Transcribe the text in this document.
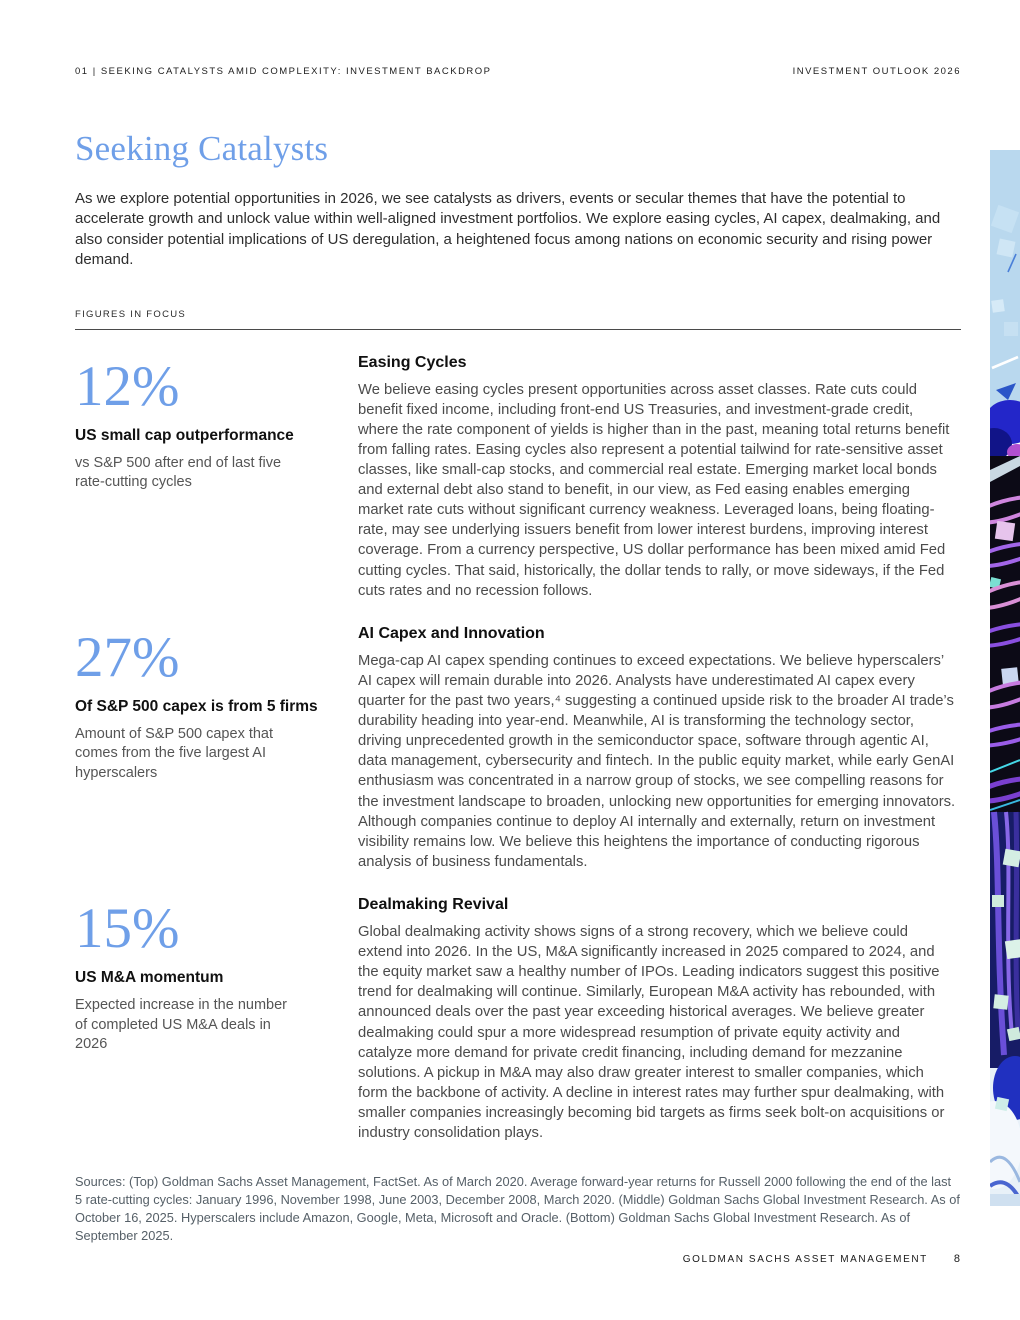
01 | SEEKING CATALYSTS AMID COMPLEXITY: INVESTMENT BACKDROP	INVESTMENT OUTLOOK 2026
Seeking Catalysts
As we explore potential opportunities in 2026, we see catalysts as drivers, events or secular themes that have the potential to accelerate growth and unlock value within well-aligned investment portfolios. We explore easing cycles, AI capex, dealmaking, and also consider potential implications of US deregulation, a heightened focus among nations on economic security and rising power demand.
FIGURES IN FOCUS
12%
US small cap outperformance
vs S&P 500 after end of last five rate-cutting cycles
Easing Cycles

We believe easing cycles present opportunities across asset classes. Rate cuts could benefit fixed income, including front-end US Treasuries, and investment-grade credit, where the rate component of yields is higher than in the past, meaning total returns benefit from falling rates. Easing cycles also represent a potential tailwind for rate-sensitive asset classes, like small-cap stocks, and commercial real estate. Emerging market local bonds and external debt also stand to benefit, in our view, as Fed easing enables emerging market rate cuts without significant currency weakness. Leveraged loans, being floating-rate, may see underlying issuers benefit from lower interest burdens, improving interest coverage. From a currency perspective, US dollar performance has been mixed amid Fed cutting cycles. That said, historically, the dollar tends to rally, or move sideways, if the Fed cuts rates and no recession follows.

27%
Of S&P 500 capex is from 5 firms
Amount of S&P 500 capex that comes from the five largest AI hyperscalers
AI Capex and Innovation

Mega-cap AI capex spending continues to exceed expectations. We believe hyperscalers’ AI capex will remain durable into 2026. Analysts have underestimated AI capex every quarter for the past two years,⁴ suggesting a continued upside risk to the broader AI trade’s durability heading into year-end. Meanwhile, AI is transforming the technology sector, driving unprecedented growth in the semiconductor space, software through agentic AI, data management, cybersecurity and fintech. In the public equity market, while early GenAI enthusiasm was concentrated in a narrow group of stocks, we see compelling reasons for the investment landscape to broaden, unlocking new opportunities for emerging innovators. Although companies continue to deploy AI internally and externally, return on investment visibility remains low. We believe this heightens the importance of conducting rigorous analysis of business fundamentals.

15%
US M&A momentum
Expected increase in the number of completed US M&A deals in 2026
Dealmaking Revival

Global dealmaking activity shows signs of a strong recovery, which we believe could extend into 2026. In the US, M&A significantly increased in 2025 compared to 2024, and the equity market saw a healthy number of IPOs. Leading indicators suggest this positive trend for dealmaking will continue. Similarly, European M&A activity has rebounded, with announced deals over the past year exceeding historical averages. We believe greater dealmaking could spur a more widespread resumption of private equity activity and catalyze more demand for private credit financing, including demand for mezzanine solutions. A pickup in M&A may also draw greater interest to smaller companies, which form the backbone of activity. A decline in interest rates may further spur dealmaking, with smaller companies increasingly becoming bid targets as firms seek bolt-on acquisitions or industry consolidation plays.

Sources: (Top) Goldman Sachs Asset Management, FactSet. As of March 2020. Average forward-year returns for Russell 2000 following the end of the last 5 rate-cutting cycles: January 1996, November 1998, June 2003, December 2008, March 2020. (Middle) Goldman Sachs Global Investment Research. As of October 16, 2025. Hyperscalers include Amazon, Google, Meta, Microsoft and Oracle. (Bottom) Goldman Sachs Global Investment Research. As of September 2025.
GOLDMAN SACHS ASSET MANAGEMENT 8
